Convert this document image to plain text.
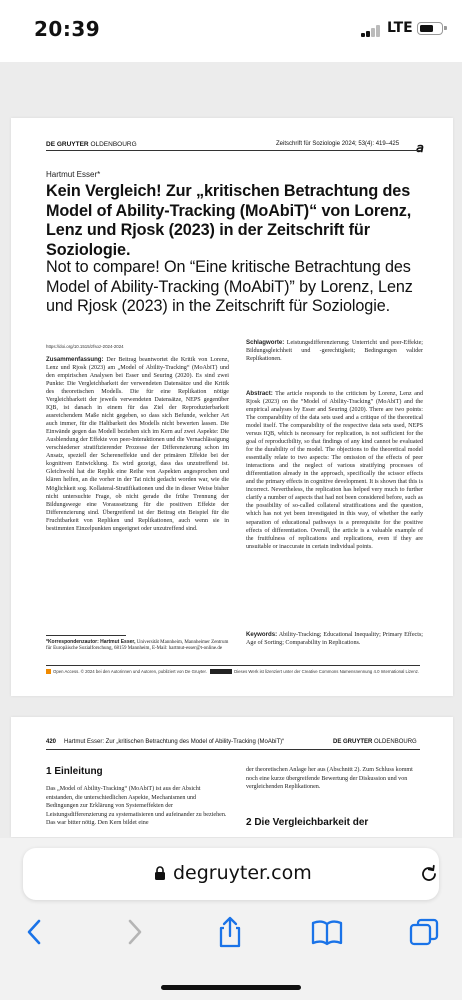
20:39	LTE
DE GRUYTER OLDENBOURG	Zeitschrift für Soziologie 2024; 53(4): 419–425 𝘢
Hartmut Esser*
Kein Vergleich! Zur „kritischen Betrachtung des Model of Ability-Tracking (MoAbiT)“ von Lorenz, Lenz und Rjosk (2023) in der Zeitschrift für Soziologie.
Not to compare! On “Eine kritische Betrachtung des Model of Ability-Tracking (MoAbiT)” by Lorenz, Lenz und Rjosk (2023) in the Zeitschrift für Soziologie.
https://doi.org/10.1515/zfsoz-2024-2024
Zusammenfassung: Der Beitrag beantwortet die Kritik von Lorenz, Lenz und Rjosk (2023) am „Model of Ability-Tracking“ (MoAbiT) und den empirischen Analysen bei Esser und Seuring (2020). Es sind zwei Punkte: Die Vergleichbarkeit der verwendeten Datensätze und die Kritik des theoretischen Modells. Die für eine Replikation nötige Vergleichbarkeit der jeweils verwendeten Datensätze, NEPS gegenüber IQB, ist danach in einem für das Ziel der Reproduzierbarkeit ausreichendem Maße nicht gegeben, so dass sich Befunde, welcher Art auch immer, für die Haltbarkeit des Modells nicht bewerten lassen. Die Einwände gegen das Modell beziehen sich im Kern auf zwei Aspekte: Die Ausblendung der Effekte von peer-Interaktionen und die Vernachlässigung verschiedener stratifizierender Prozesse der Differenzierung schon im Ansatz, speziell der Schereneffekte und der primären Effekte bei der kognitiven Entwicklung. Es wird gezeigt, dass das unzutreffend ist. Gleichwohl hat die Replik eine Reihe von Aspekten angesprochen und klären helfen, an die vorher in der Tat nicht gedacht worden war, wie die Möglichkeit sog. Kollateral-Stratifikationen und die in dieser Weise bisher nicht untersuchte Frage, ob nicht gerade die frühe Trennung der Bildungswege eine Voraussetzung für die positiven Effekte der Differenzierung sind. Übergreifend ist der Beitrag ein Beispiel für die Fruchtbarkeit von Repliken und Replikationen, auch wenn sie in bestimmten Einzelpunkten ungeeignet oder unzutreffend sind.
Schlagworte: Leistungsdifferenzierung; Unterricht und peer-Effekte; Bildungsgleichheit und -gerechtigkeit; Bedingungen valider Replikationen.
Abstract: The article responds to the criticism by Lorenz, Lenz and Rjosk (2023) on the “Model of Ability-Tracking” (MoAbiT) and the empirical analyses by Esser and Seuring (2020). There are two points: The comparability of the data sets used and a critique of the theoretical model itself. The comparability of the respective data sets used, NEPS versus IQB, which is necessary for replication, is not sufficient for the goal of reproducibility, so that findings of any kind cannot be evaluated for the durability of the model. The objections to the theoretical model essentially relate to two aspects: The omission of the effects of peer interactions and the neglect of various stratifying processes of differentiation already in the approach, specifically the scissor effects and the primary effects in cognitive development. It is shown that this is incorrect. Nevertheless, the replication has helped very much to further clarify a number of aspects that had not been considered before, such as the possibility of so-called collateral stratifications and the question, which has not yet been investigated in this way, of whether the early separation of educational pathways is a prerequisite for the positive effects of differentiation. Overall, the article is a valuable example of the fruitfulness of replications and replications, even if they are unsuitable or inaccurate in certain individual points.
Keywords: Ability-Tracking; Educational Inequality; Primary Effects; Age of Sorting; Comparability in Replications.
*Korrespondenzautor: Hartmut Esser, Universität Mannheim, Mannheimer Zentrum für Europäische Sozialforschung, 68159 Mannheim, E-Mail: hartmut-esser@t-online.de
Open Access. © 2024 bei den Autorinnen und Autoren, publiziert von De Gruyter.	Dieses Werk ist lizenziert unter der Creative Commons Namensnennung 4.0 International Lizenz.
420 Hartmut Esser: Zur „kritischen Betrachtung des Model of Ability-Tracking (MoAbiT)“	DE GRUYTER OLDENBOURG
1 Einleitung
Das „Model of Ability-Tracking“ (MoAbiT) ist aus der Absicht entstanden, die unterschiedlichen Aspekte, Mechanismen und Bedingungen zur Erklärung von Systemeffekten der Leistungsdifferenzierung zu systematisieren und aufeinander zu beziehen. Das war bitter nötig. Den Kern bildet eine
der theoretischen Anlage her aus (Abschnitt 2). Zum Schluss kommt noch eine kurze übergreifende Bewertung der Diskussion und von vergleichenden Replikationen.
2 Die Vergleichbarkeit der
degruyter.com
